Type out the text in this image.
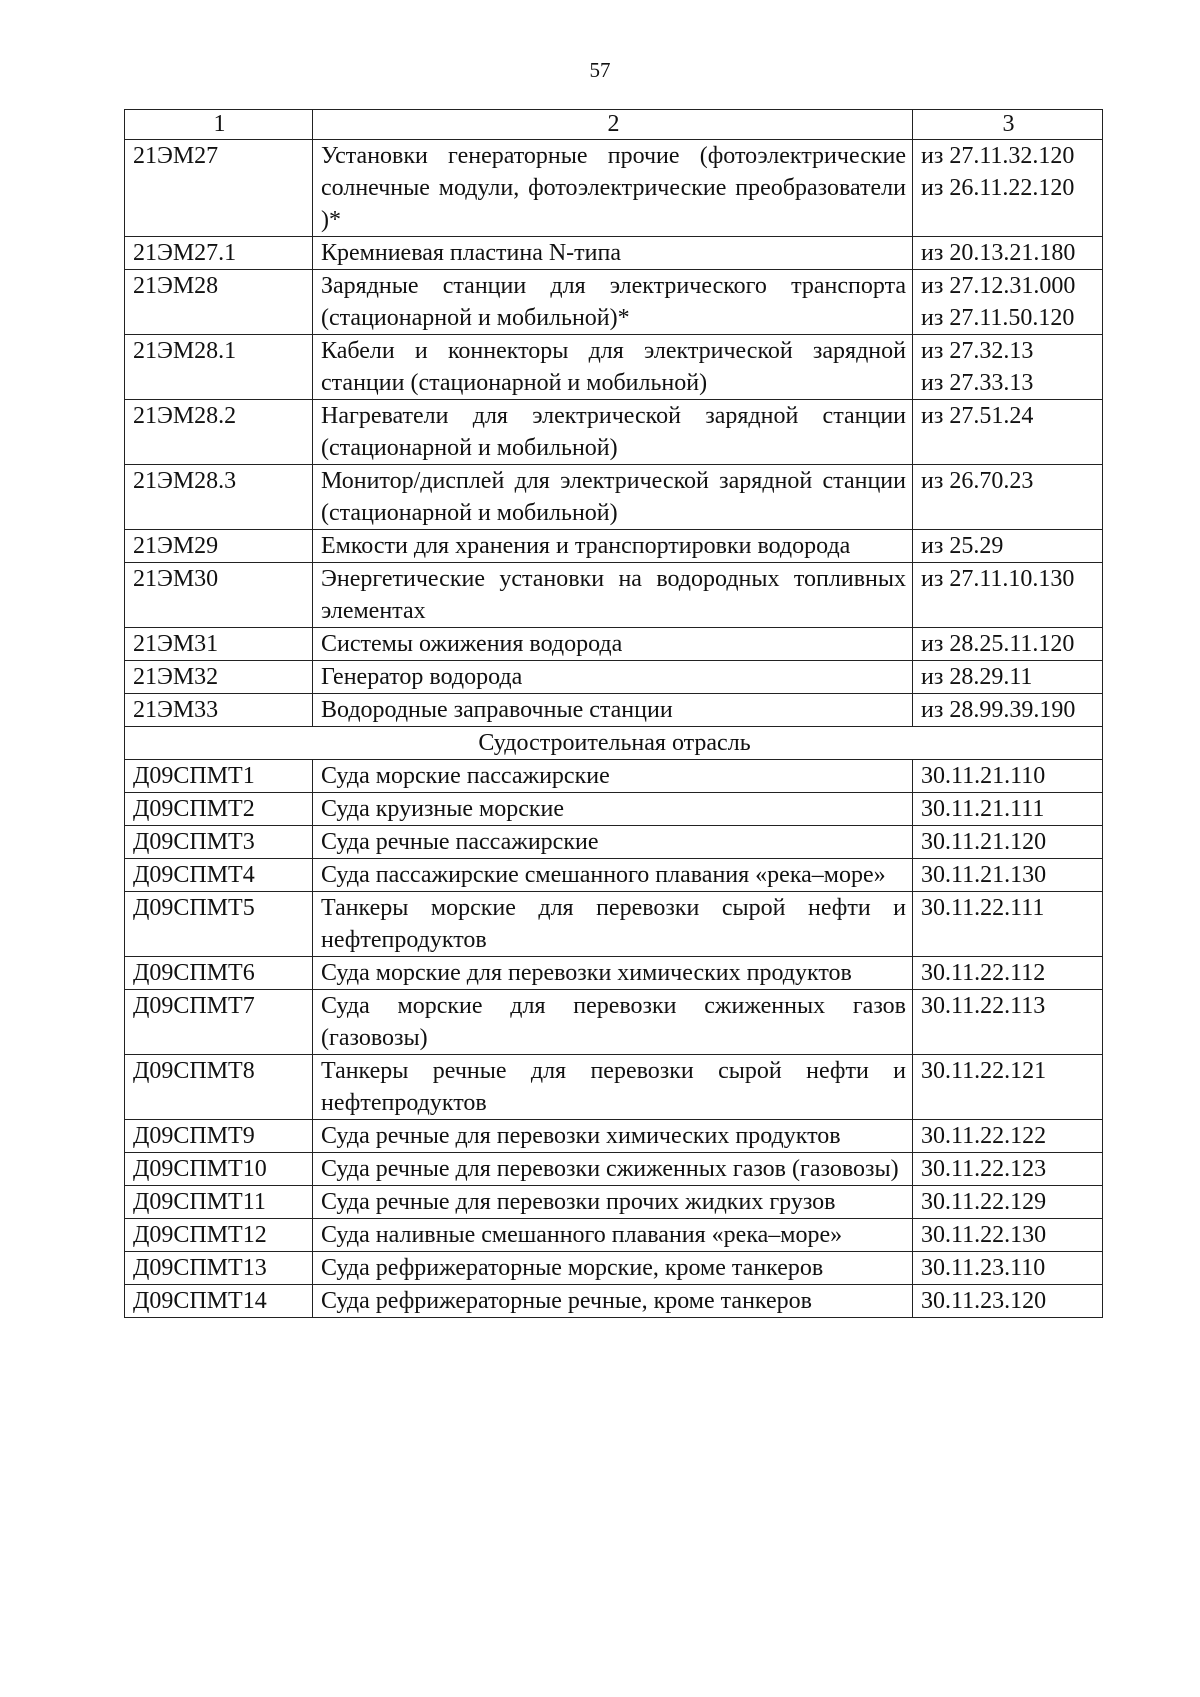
57
1	2	3
21ЭМ27	Установки генераторные прочие (фотоэлектрические солнечные модули, фотоэлектрические преобразователи )*	из 27.11.32.120
из 26.11.22.120

21ЭМ27.1	Кремниевая пластина N-типа	из 20.13.21.180

21ЭМ28	Зарядные станции для электрического транспорта (стационарной и мобильной)*	из 27.12.31.000
из 27.11.50.120

21ЭМ28.1	Кабели и коннекторы для электрической зарядной станции (стационарной и мобильной)	из 27.32.13
из 27.33.13

21ЭМ28.2	Нагреватели для электрической зарядной станции (стационарной и мобильной)	из 27.51.24

21ЭМ28.3	Монитор/дисплей для электрической зарядной станции (стационарной и мобильной)	из 26.70.23

21ЭМ29	Емкости для хранения и транспортировки водорода	из 25.29

21ЭМ30	Энергетические установки на водородных топливных элементах	из 27.11.10.130

21ЭМ31	Системы ожижения водорода	из 28.25.11.120

21ЭМ32	Генератор водорода	из 28.29.11

21ЭМ33	Водородные заправочные станции	из 28.99.39.190

Судостроительная отрасль		
Д09СПМТ1	Суда морские пассажирские	30.11.21.110

Д09СПМТ2	Суда круизные морские	30.11.21.111

Д09СПМТ3	Суда речные пассажирские	30.11.21.120

Д09СПМТ4	Суда пассажирские смешанного плавания «река–море»	30.11.21.130

Д09СПМТ5	Танкеры морские для перевозки сырой нефти и нефтепродуктов	30.11.22.111

Д09СПМТ6	Суда морские для перевозки химических продуктов	30.11.22.112

Д09СПМТ7	Суда морские для перевозки сжиженных газов (газовозы)	30.11.22.113

Д09СПМТ8	Танкеры речные для перевозки сырой нефти и нефтепродуктов	30.11.22.121

Д09СПМТ9	Суда речные для перевозки химических продуктов	30.11.22.122

Д09СПМТ10	Суда речные для перевозки сжиженных газов (газовозы)	30.11.22.123

Д09СПМТ11	Суда речные для перевозки прочих жидких грузов	30.11.22.129

Д09СПМТ12	Суда наливные смешанного плавания «река–море»	30.11.22.130

Д09СПМТ13	Суда рефрижераторные морские, кроме танкеров	30.11.23.110

Д09СПМТ14	Суда рефрижераторные речные, кроме танкеров	30.11.23.120
